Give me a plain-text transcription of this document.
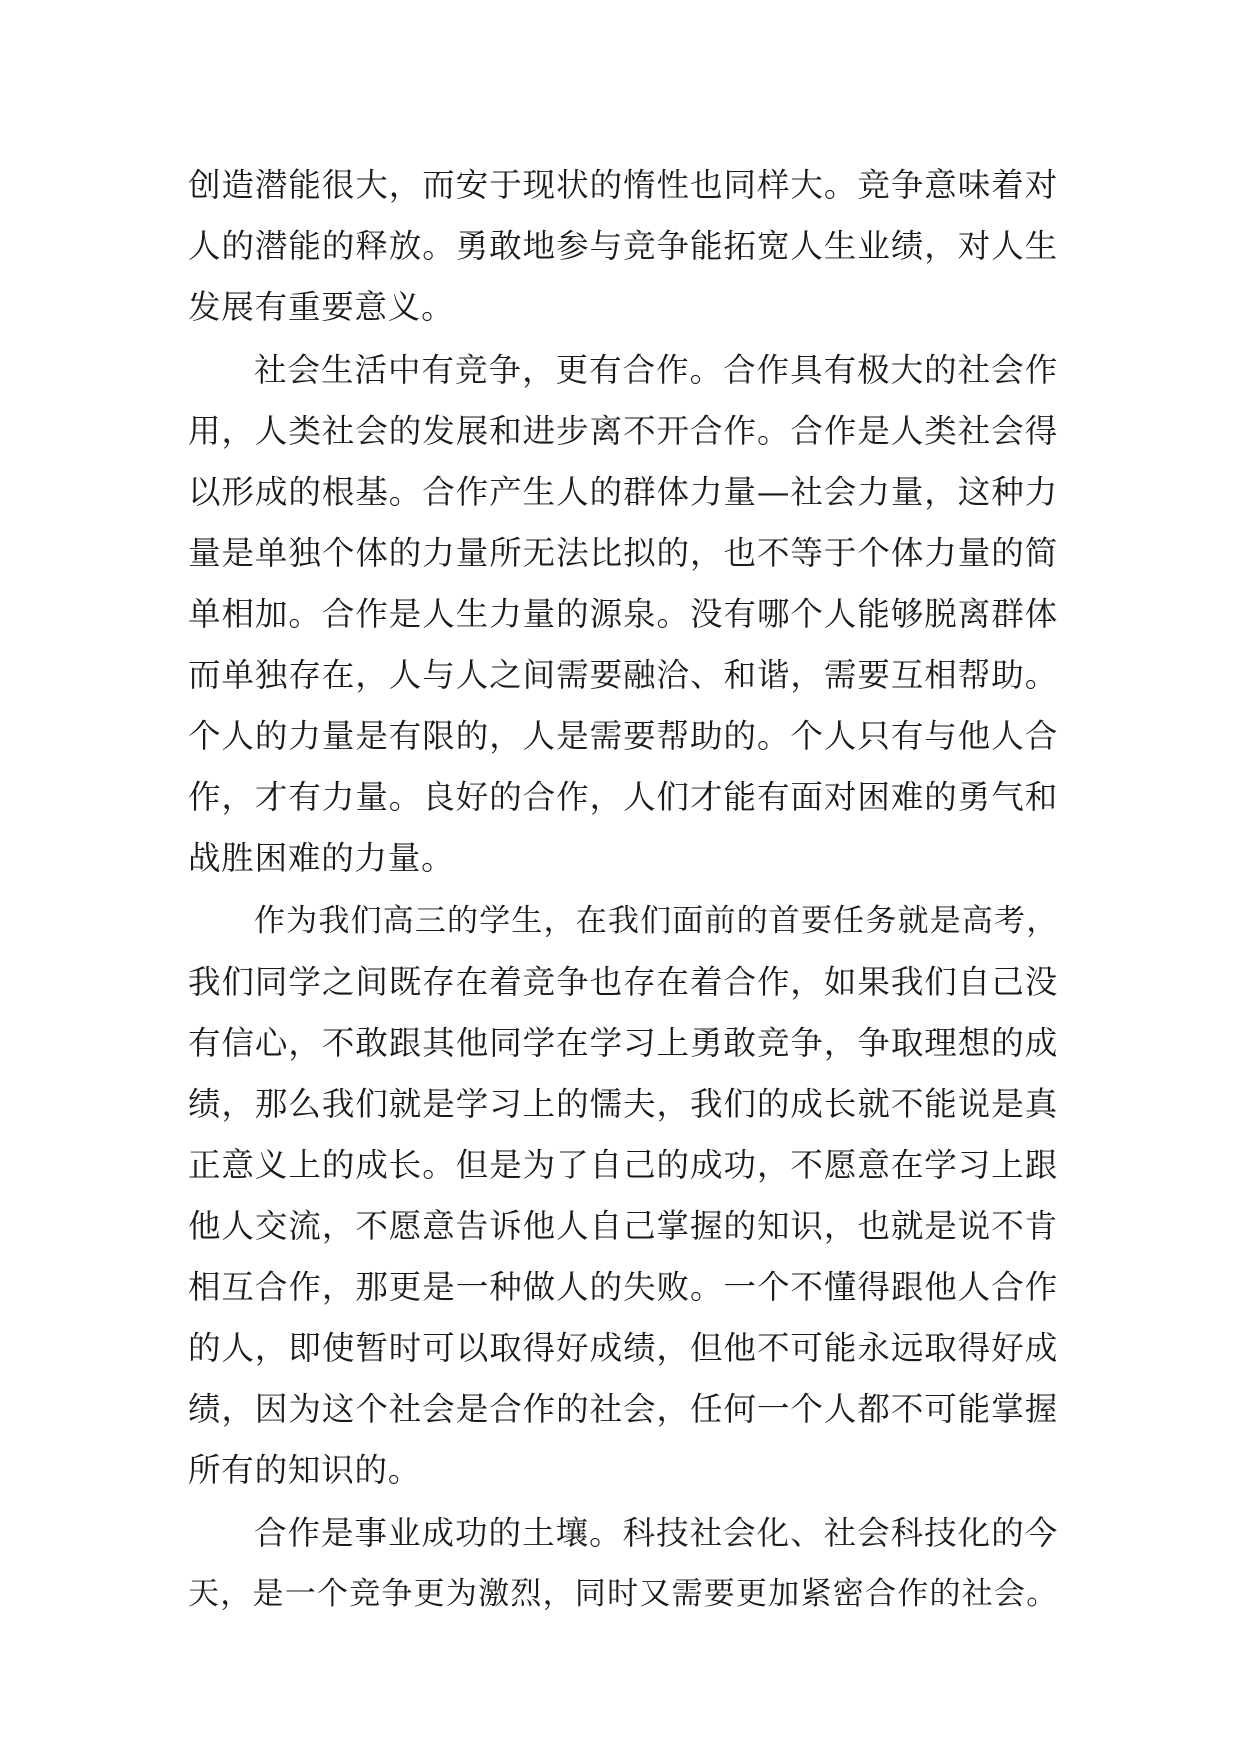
创造潜能很大，而安于现状的惰性也同样大。竞争意味着对
人的潜能的释放。勇敢地参与竞争能拓宽人生业绩，对人生
发展有重要意义。
社会生活中有竞争，更有合作。合作具有极大的社会作
用，人类社会的发展和进步离不开合作。合作是人类社会得
以形成的根基。合作产生人的群体力量—社会力量，这种力
量是单独个体的力量所无法比拟的，也不等于个体力量的简
单相加。合作是人生力量的源泉。没有哪个人能够脱离群体
而单独存在，人与人之间需要融洽、和谐，需要互相帮助。
个人的力量是有限的，人是需要帮助的。个人只有与他人合
作，才有力量。良好的合作，人们才能有面对困难的勇气和
战胜困难的力量。
作为我们高三的学生，在我们面前的首要任务就是高考，
我们同学之间既存在着竞争也存在着合作，如果我们自己没
有信心，不敢跟其他同学在学习上勇敢竞争，争取理想的成
绩，那么我们就是学习上的懦夫，我们的成长就不能说是真
正意义上的成长。但是为了自己的成功，不愿意在学习上跟
他人交流，不愿意告诉他人自己掌握的知识，也就是说不肯
相互合作，那更是一种做人的失败。一个不懂得跟他人合作
的人，即使暂时可以取得好成绩，但他不可能永远取得好成
绩，因为这个社会是合作的社会，任何一个人都不可能掌握
所有的知识的。
合作是事业成功的土壤。科技社会化、社会科技化的今
天，是一个竞争更为激烈，同时又需要更加紧密合作的社会。
